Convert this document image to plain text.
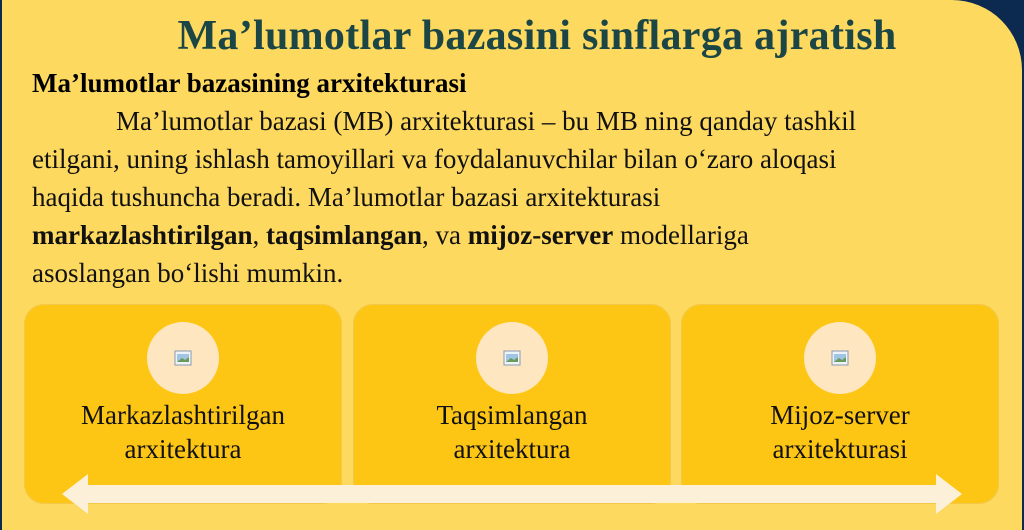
Ma’lumotlar bazasini sinflarga ajratish
Ma’lumotlar bazasining arxitekturasi
Ma’lumotlar bazasi (MB) arxitekturasi – bu MB ning qanday tashkil
etilgani, uning ishlash tamoyillari va foydalanuvchilar bilan o‘zaro aloqasi
haqida tushuncha beradi. Ma’lumotlar bazasi arxitekturasi
markazlashtirilgan, taqsimlangan, va mijoz-server modellariga
asoslangan bo‘lishi mumkin.
Markazlashtirilgan
arxitektura
Taqsimlangan
arxitektura
Mijoz-server
arxitekturasi
